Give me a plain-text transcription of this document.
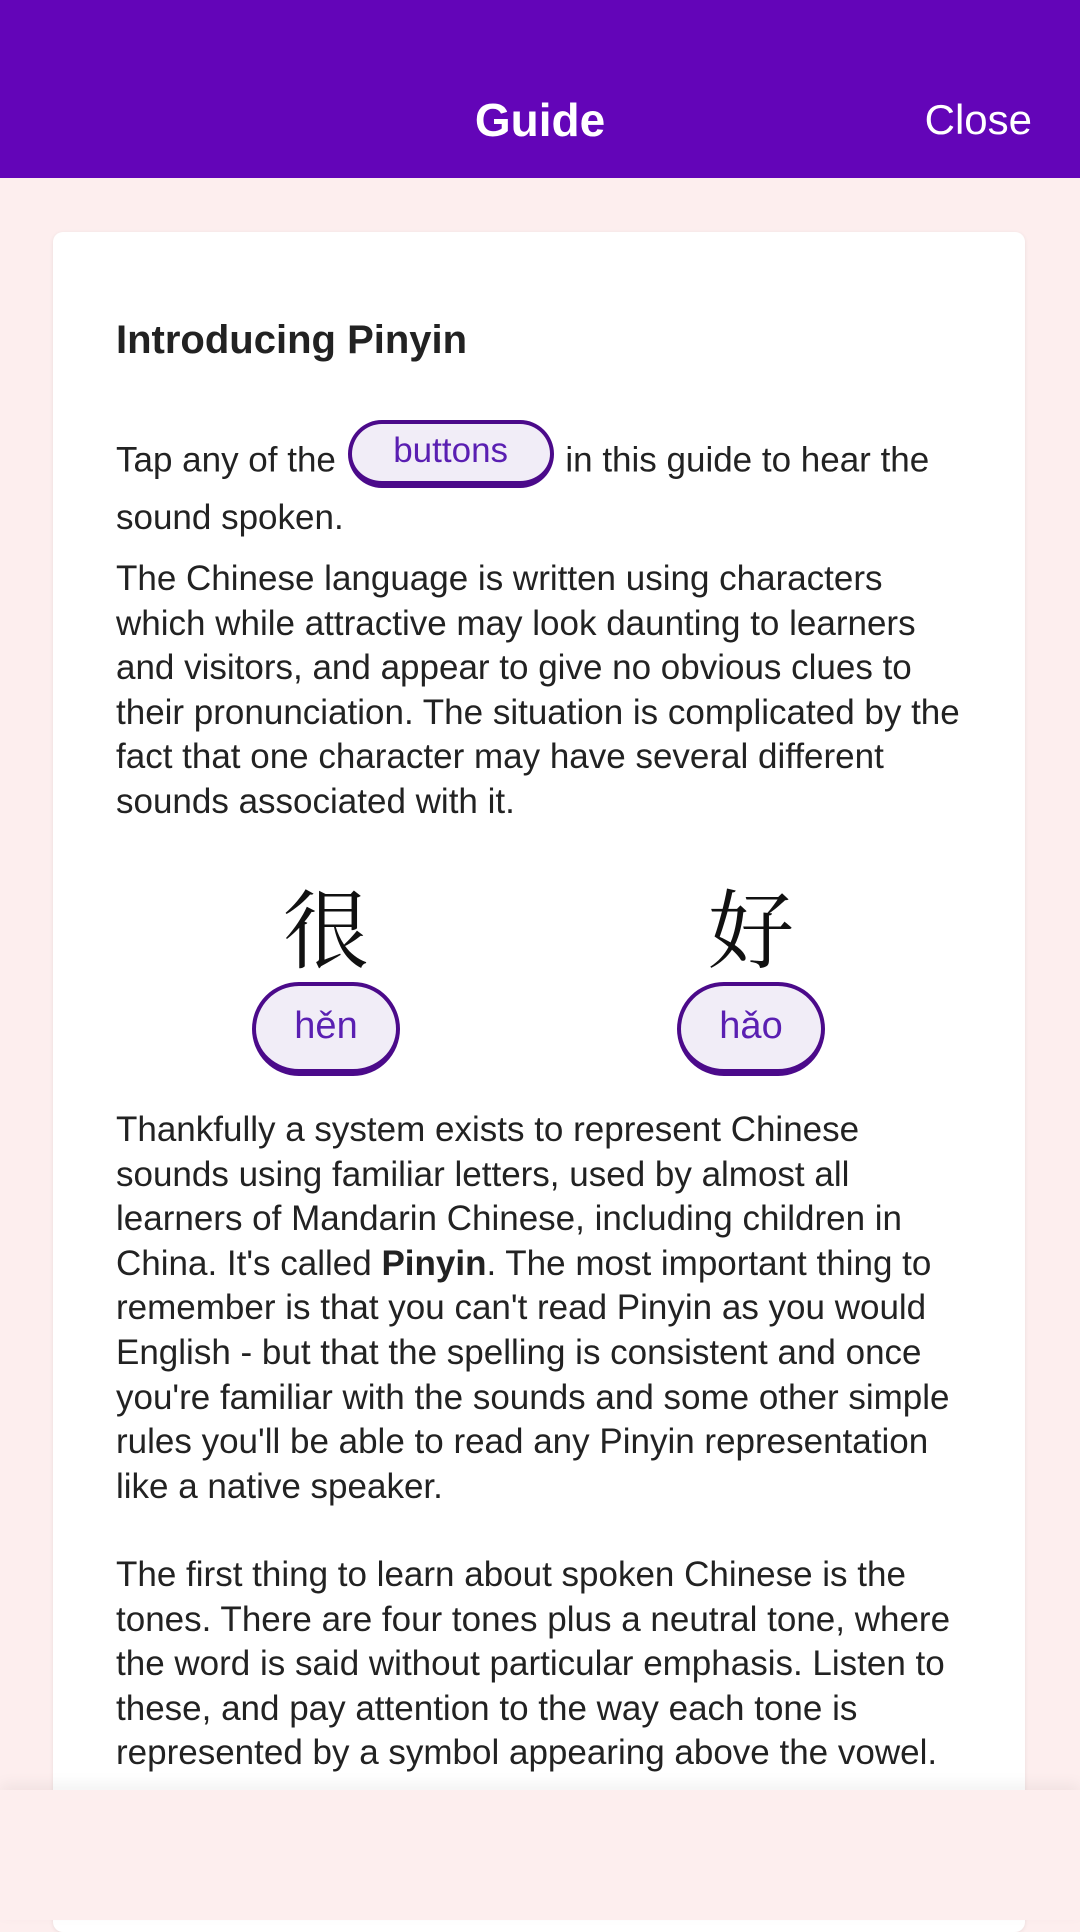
Guide	Close
Introducing Pinyin
Tap any of the buttons in this guide to hear the sound spoken.
The Chinese language is written using characters which while attractive may look daunting to learners and visitors, and appear to give no obvious clues to their pronunciation. The situation is complicated by the fact that one character may have several different sounds associated with it.
很
hěn
好
hǎo
Thankfully a system exists to represent Chinese sounds using familiar letters, used by almost all learners of Mandarin Chinese, including children in China. It's called Pinyin. The most important thing to remember is that you can't read Pinyin as you would English - but that the spelling is consistent and once you're familiar with the sounds and some other simple rules you'll be able to read any Pinyin representation like a native speaker.
The first thing to learn about spoken Chinese is the tones. There are four tones plus a neutral tone, where the word is said without particular emphasis. Listen to these, and pay attention to the way each tone is represented by a symbol appearing above the vowel.
